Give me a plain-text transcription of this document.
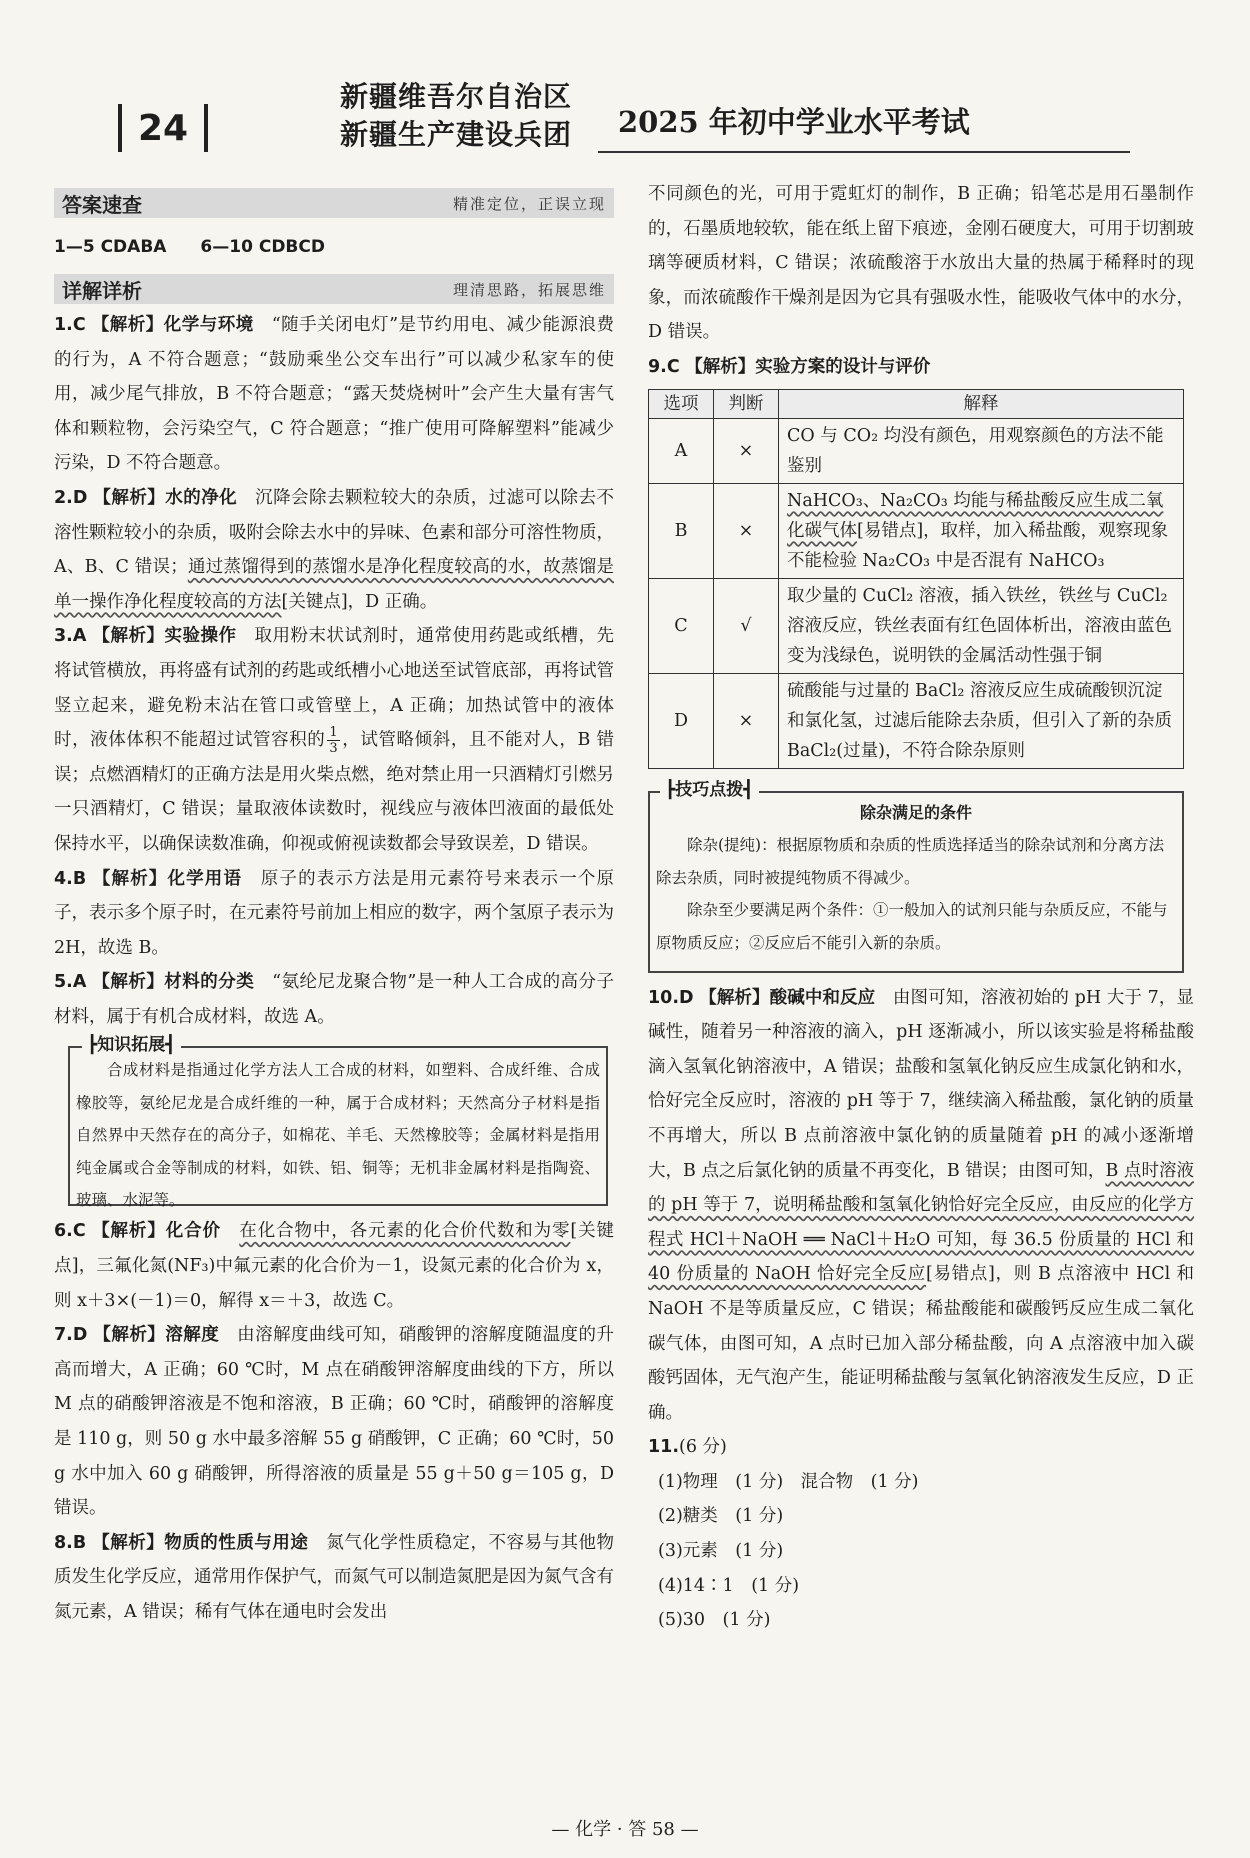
24
新疆维吾尔自治区
新疆生产建设兵团 2025 年初中学业水平考试
答案速查	精准定位，正误立现
1—5 CDABA　　6—10 CDBCD
详解详析	理清思路，拓展思维

1.C 【解析】化学与环境　 “随手关闭电灯”是节约用电、减少能源浪费的行为，A 不符合题意；“鼓励乘坐公交车出行”可以减少私家车的使用，减少尾气排放，B 不符合题意；“露天焚烧树叶”会产生大量有害气体和颗粒物，会污染空气，C 符合题意；“推广使用可降解塑料”能减少污染，D 不符合题意。

2.D 【解析】水的净化　 沉降会除去颗粒较大的杂质，过滤可以除去不溶性颗粒较小的杂质，吸附会除去水中的异味、色素和部分可溶性物质，A、B、C 错误；通过蒸馏得到的蒸馏水是净化程度较高的水，故蒸馏是单一操作净化程度较高的方法[关键点]，D 正确。

3.A 【解析】实验操作　 取用粉末状试剂时，通常使用药匙或纸槽，先将试管横放，再将盛有试剂的药匙或纸槽小心地送至试管底部，再将试管竖立起来，避免粉末沾在管口或管壁上，A 正确；加热试管中的液体时，液体体积不能超过试管容积的 $\frac{1}{3}$ ，试管略倾斜，且不能对人，B 错误；点燃酒精灯的正确方法是用火柴点燃，绝对禁止用一只酒精灯引燃另一只酒精灯，C 错误；量取液体读数时，视线应与液体凹液面的最低处保持水平，以确保读数准确，仰视或俯视读数都会导致误差，D 错误。

4.B 【解析】化学用语　 原子的表示方法是用元素符号来表示一个原子，表示多个原子时，在元素符号前加上相应的数字，两个氢原子表示为 2H，故选 B。

5.A 【解析】材料的分类　 “氨纶尼龙聚合物”是一种人工合成的高分子材料，属于有机合成材料，故选 A。

合成材料是指通过化学方法人工合成的材料，如塑料、合成纤维、合成橡胶等，氨纶尼龙是合成纤维的一种，属于合成材料；天然高分子材料是指自然界中天然存在的高分子，如棉花、羊毛、天然橡胶等；金属材料是指用纯金属或合金等制成的材料，如铁、铝、铜等；无机非金属材料是指陶瓷、玻璃、水泥等。
┣知识拓展┫

6.C 【解析】化合价　 在化合物中，各元素的化合价代数和为零[关键点]，三氟化氮(NF₃)中氟元素的化合价为－1，设氮元素的化合价为 x，则 x＋3×(－1)＝0，解得 x＝＋3，故选 C。

7.D 【解析】溶解度　 由溶解度曲线可知，硝酸钾的溶解度随温度的升高而增大，A 正确；60 ℃时，M 点在硝酸钾溶解度曲线的下方，所以 M 点的硝酸钾溶液是不饱和溶液，B 正确；60 ℃时，硝酸钾的溶解度是 110 g，则 50 g 水中最多溶解 55 g 硝酸钾，C 正确；60 ℃时，50 g 水中加入 60 g 硝酸钾，所得溶液的质量是 55 g＋50 g＝105 g，D 错误。

8.B 【解析】物质的性质与用途　 氮气化学性质稳定，不容易与其他物质发生化学反应，通常用作保护气，而氮气可以制造氮肥是因为氮气含有氮元素，A 错误；稀有气体在通电时会发出

不同颜色的光，可用于霓虹灯的制作，B 正确；铅笔芯是用石墨制作的，石墨质地较软，能在纸上留下痕迹，金刚石硬度大，可用于切割玻璃等硬质材料，C 错误；浓硫酸溶于水放出大量的热属于稀释时的现象，而浓硫酸作干燥剂是因为它具有强吸水性，能吸收气体中的水分，D 错误。

9.C 【解析】实验方案的设计与评价

选项	判断	解释
A	×	CO 与 CO₂ 均没有颜色，用观察颜色的方法不能鉴别
B	×	NaHCO₃、Na₂CO₃ 均能与稀盐酸反应生成二氧化碳气体[易错点]，取样，加入稀盐酸，观察现象不能检验 Na₂CO₃ 中是否混有 NaHCO₃
C	√	取少量的 CuCl₂ 溶液，插入铁丝，铁丝与 CuCl₂ 溶液反应，铁丝表面有红色固体析出，溶液由蓝色变为浅绿色，说明铁的金属活动性强于铜
D	×	硫酸能与过量的 BaCl₂ 溶液反应生成硫酸钡沉淀和氯化氢，过滤后能除去杂质，但引入了新的杂质 BaCl₂(过量)，不符合除杂原则
除杂满足的条件
除杂(提纯)：根据原物质和杂质的性质选择适当的除杂试剂和分离方法除去杂质，同时被提纯物质不得减少。
除杂至少要满足两个条件：①一般加入的试剂只能与杂质反应，不能与原物质反应；②反应后不能引入新的杂质。
┣技巧点拨┫

10.D 【解析】酸碱中和反应　 由图可知，溶液初始的 pH 大于 7，显碱性，随着另一种溶液的滴入，pH 逐渐减小，所以该实验是将稀盐酸滴入氢氧化钠溶液中，A 错误；盐酸和氢氧化钠反应生成氯化钠和水，恰好完全反应时，溶液的 pH 等于 7，继续滴入稀盐酸，氯化钠的质量不再增大，所以 B 点前溶液中氯化钠的质量随着 pH 的减小逐渐增大，B 点之后氯化钠的质量不再变化，B 错误；由图可知，B 点时溶液的 pH 等于 7，说明稀盐酸和氢氧化钠恰好完全反应，由反应的化学方程式 HCl＋NaOH ══ NaCl＋H₂O 可知，每 36.5 份质量的 HCl 和 40 份质量的 NaOH 恰好完全反应[易错点]，则 B 点溶液中 HCl 和 NaOH 不是等质量反应，C 错误；稀盐酸能和碳酸钙反应生成二氧化碳气体，由图可知，A 点时已加入部分稀盐酸，向 A 点溶液中加入碳酸钙固体，无气泡产生，能证明稀盐酸与氢氧化钠溶液发生反应，D 正确。

11.(6 分)

(1)物理　(1 分)　混合物　(1 分)
(2)糖类　(1 分)
(3)元素　(1 分)
(4)14∶1　(1 分)
(5)30　(1 分)
— 化学 · 答 58 —
